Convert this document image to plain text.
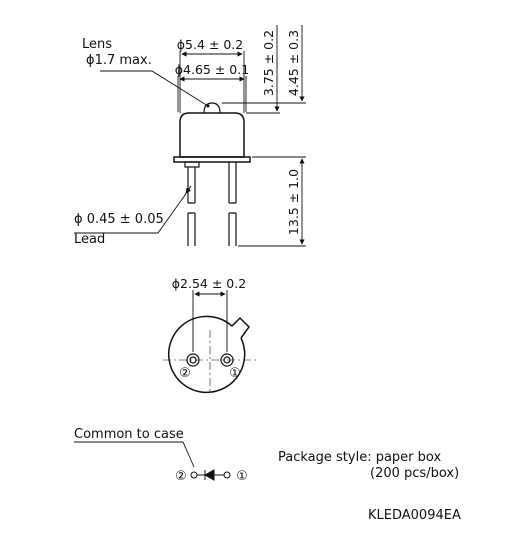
ϕ5.4 ± 0.2
ϕ4.65 ± 0.1 3.75 ± 0.2 4.45 ± 0.3
13.5 ± 1.0
ϕ2.54 ± 0.2
②	①
②	①
Lens
ϕ1.7 max.
ϕ 0.45 ± 0.05
Lead
Common to case
Package style: paper box
(200 pcs/box)
KLEDA0094EA
